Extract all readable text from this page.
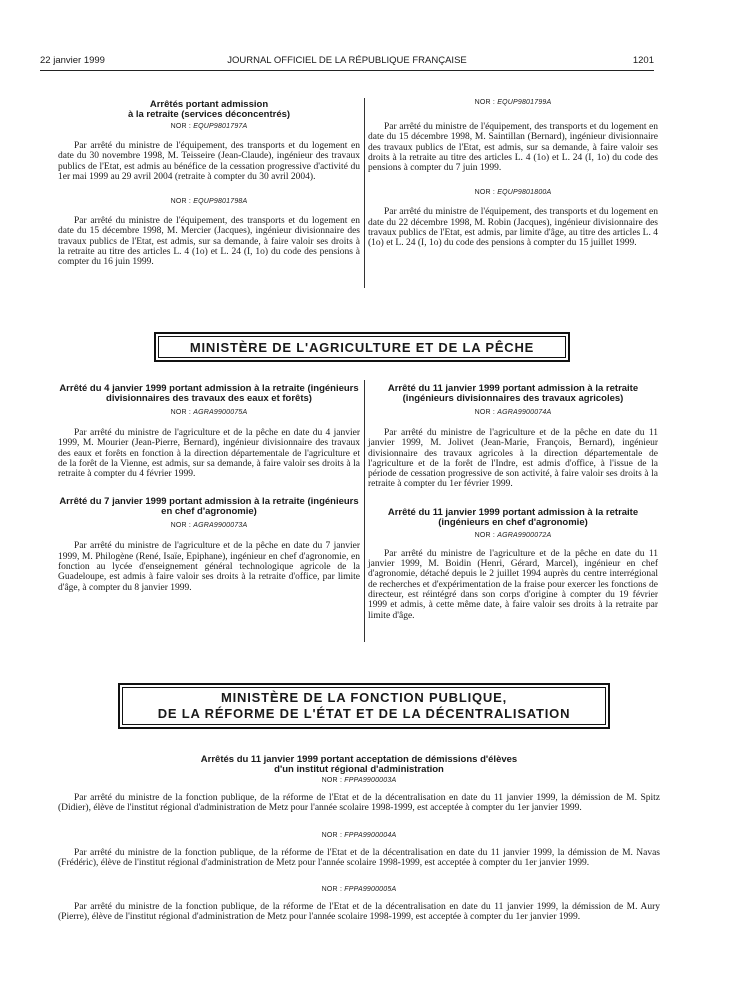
22 janvier 1999	JOURNAL OFFICIEL DE LA RÉPUBLIQUE FRANÇAISE	1201
Arrêtés portant admission
à la retraite (services déconcentrés)
NOR : EQUP9801797A

Par arrêté du ministre de l'équipement, des transports et du logement en date du 30 novembre 1998, M. Teisseire (Jean-Claude), ingénieur des travaux publics de l'Etat, est admis au bénéfice de la cessation progressive d'activité du 1er mai 1999 au 29 avril 2004 (retraite à compter du 30 avril 2004).

NOR : EQUP9801798A

Par arrêté du ministre de l'équipement, des transports et du logement en date du 15 décembre 1998, M. Mercier (Jacques), ingénieur divisionnaire des travaux publics de l'Etat, est admis, sur sa demande, à faire valoir ses droits à la retraite au titre des articles L. 4 (1o) et L. 24 (I, 1o) du code des pensions à compter du 16 juin 1999.

NOR : EQUP9801799A

Par arrêté du ministre de l'équipement, des transports et du logement en date du 15 décembre 1998, M. Saintillan (Bernard), ingénieur divisionnaire des travaux publics de l'Etat, est admis, sur sa demande, à faire valoir ses droits à la retraite au titre des articles L. 4 (1o) et L. 24 (I, 1o) du code des pensions à compter du 7 juin 1999.

NOR : EQUP9801800A

Par arrêté du ministre de l'équipement, des transports et du logement en date du 22 décembre 1998, M. Robin (Jacques), ingénieur divisionnaire des travaux publics de l'Etat, est admis, par limite d'âge, au titre des articles L. 4 (1o) et L. 24 (I, 1o) du code des pensions à compter du 15 juillet 1999.

MINISTÈRE DE L'AGRICULTURE ET DE LA PÊCHE
Arrêté du 4 janvier 1999 portant admission à la retraite (ingénieurs divisionnaires des travaux des eaux et forêts)
NOR : AGRA9900075A

Par arrêté du ministre de l'agriculture et de la pêche en date du 4 janvier 1999, M. Mourier (Jean-Pierre, Bernard), ingénieur divisionnaire des travaux des eaux et forêts en fonction à la direction départementale de l'agriculture et de la forêt de la Vienne, est admis, sur sa demande, à faire valoir ses droits à la retraite à compter du 4 février 1999.

Arrêté du 7 janvier 1999 portant admission à la retraite (ingénieurs en chef d'agronomie)
NOR : AGRA9900073A

Par arrêté du ministre de l'agriculture et de la pêche en date du 7 janvier 1999, M. Philogène (René, Isaïe, Epiphane), ingénieur en chef d'agronomie, en fonction au lycée d'enseignement général technologique agricole de la Guadeloupe, est admis à faire valoir ses droits à la retraite d'office, par limite d'âge, à compter du 8 janvier 1999.

Arrêté du 11 janvier 1999 portant admission à la retraite (ingénieurs divisionnaires des travaux agricoles)
NOR : AGRA9900074A

Par arrêté du ministre de l'agriculture et de la pêche en date du 11 janvier 1999, M. Jolivet (Jean-Marie, François, Bernard), ingénieur divisionnaire des travaux agricoles à la direction départementale de l'agriculture et de la forêt de l'Indre, est admis d'office, à l'issue de la période de cessation progressive de son activité, à faire valoir ses droits à la retraite à compter du 1er février 1999.

Arrêté du 11 janvier 1999 portant admission à la retraite (ingénieurs en chef d'agronomie)
NOR : AGRA9900072A

Par arrêté du ministre de l'agriculture et de la pêche en date du 11 janvier 1999, M. Boidin (Henri, Gérard, Marcel), ingénieur en chef d'agronomie, détaché depuis le 2 juillet 1994 auprès du centre interrégional de recherches et d'expérimentation de la fraise pour exercer les fonctions de directeur, est réintégré dans son corps d'origine à compter du 19 février 1999 et admis, à cette même date, à faire valoir ses droits à la retraite par limite d'âge.

MINISTÈRE DE LA FONCTION PUBLIQUE,
DE LA RÉFORME DE L'ÉTAT ET DE LA DÉCENTRALISATION
Arrêtés du 11 janvier 1999 portant acceptation de démissions d'élèves
d'un institut régional d'administration
NOR : FPPA9900003A

Par arrêté du ministre de la fonction publique, de la réforme de l'Etat et de la décentralisation en date du 11 janvier 1999, la démission de M. Spitz (Didier), élève de l'institut régional d'administration de Metz pour l'année scolaire 1998-1999, est acceptée à compter du 1er janvier 1999.

NOR : FPPA9900004A

Par arrêté du ministre de la fonction publique, de la réforme de l'Etat et de la décentralisation en date du 11 janvier 1999, la démission de M. Navas (Frédéric), élève de l'institut régional d'administration de Metz pour l'année scolaire 1998-1999, est acceptée à compter du 1er janvier 1999.

NOR : FPPA9900005A

Par arrêté du ministre de la fonction publique, de la réforme de l'Etat et de la décentralisation en date du 11 janvier 1999, la démission de M. Aury (Pierre), élève de l'institut régional d'administration de Metz pour l'année scolaire 1998-1999, est acceptée à compter du 1er janvier 1999.
